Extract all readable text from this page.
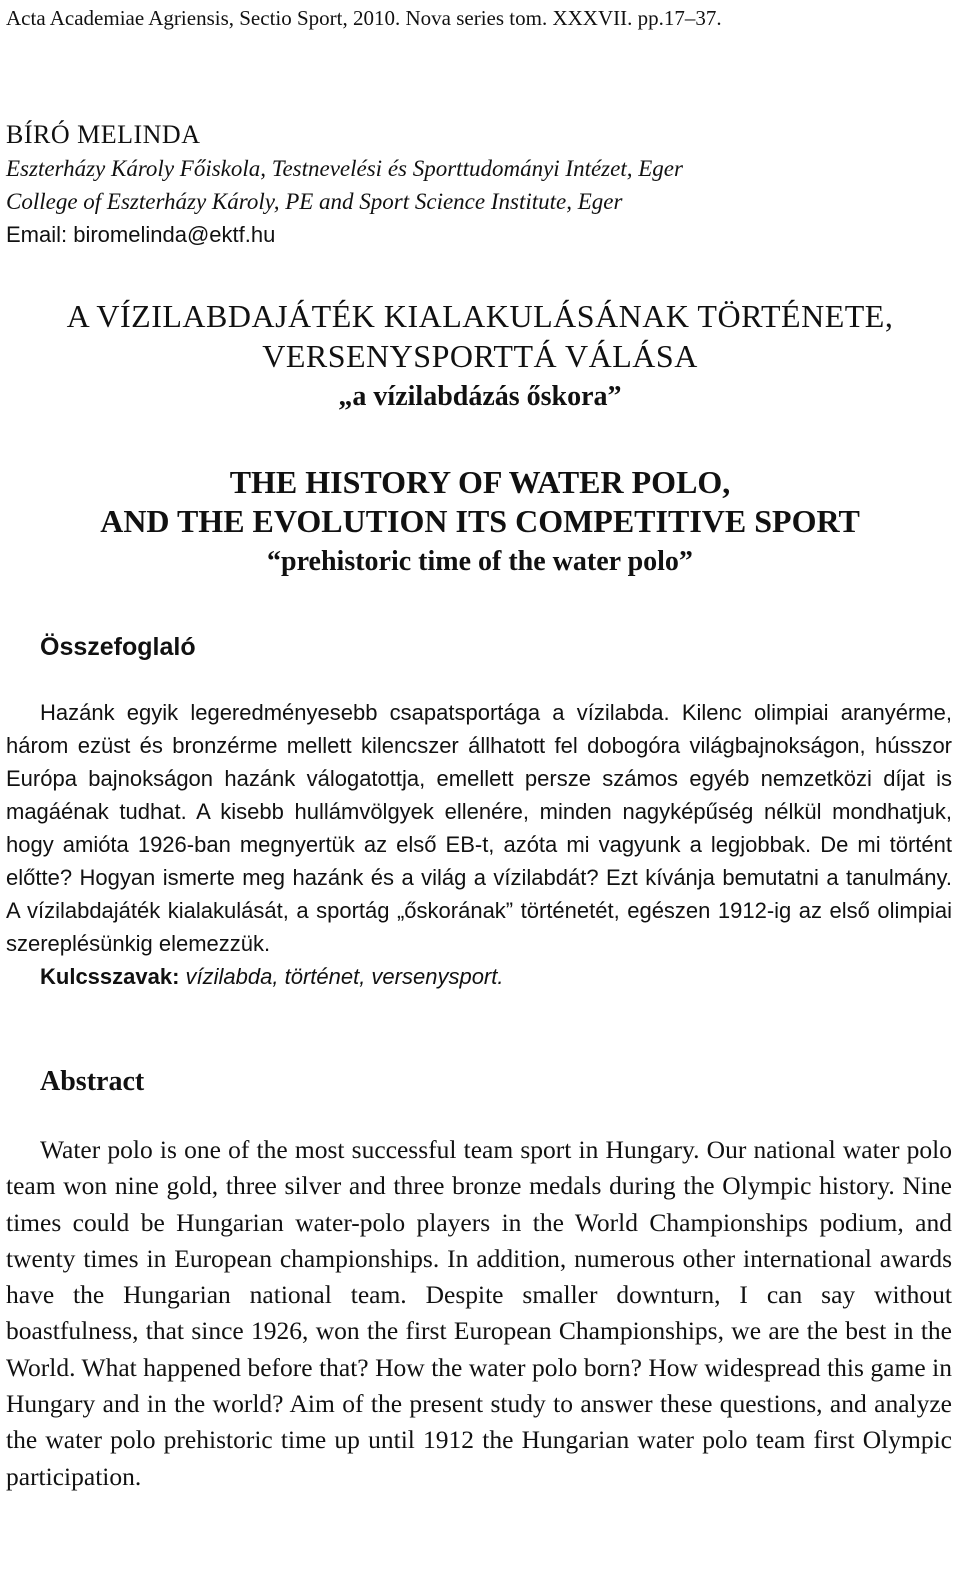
Acta Academiae Agriensis, Sectio Sport, 2010. Nova series tom. XXXVII. pp.17–37.
BÍRÓ MELINDA
Eszterházy Károly Főiskola, Testnevelési és Sporttudományi Intézet, Eger
College of Eszterházy Károly, PE and Sport Science Institute, Eger
Email: biromelinda@ektf.hu
A VÍZILABDAJÁTÉK KIALAKULÁSÁNAK TÖRTÉNETE,
VERSENYSPORTTÁ VÁLÁSA
„a vízilabdázás őskora”
THE HISTORY OF WATER POLO,
AND THE EVOLUTION ITS COMPETITIVE SPORT
“prehistoric time of the water polo”
Összefoglaló
Hazánk egyik legeredményesebb csapatsportága a vízilabda. Kilenc olimpiai aranyérme, három ezüst és bronzérme mellett kilencszer állhatott fel dobogóra világbajnokságon, hússzor Európa bajnokságon hazánk válogatottja, emellett persze számos egyéb nemzetközi díjat is magáénak tudhat. A kisebb hullámvölgyek ellenére, minden nagyképűség nélkül mondhatjuk, hogy amióta 1926-ban megnyertük az első EB-t, azóta mi vagyunk a legjobbak. De mi történt előtte? Hogyan ismerte meg hazánk és a világ a vízilabdát? Ezt kívánja bemutatni a tanulmány. A vízilabdajáték kialakulását, a sportág „őskorának” történetét, egészen 1912-ig az első olimpiai szereplésünkig elemezzük.
Kulcsszavak: vízilabda, történet, versenysport.
Abstract
Water polo is one of the most successful team sport in Hungary. Our national water polo team won nine gold, three silver and three bronze medals during the Olympic history. Nine times could be Hungarian water-polo players in the World Championships podium, and twenty times in European championships. In addition, numerous other international awards have the Hungarian national team. Despite smaller downturn, I can say without boastfulness, that since 1926, won the first European Championships, we are the best in the World. What happened before that? How the water polo born? How widespread this game in Hungary and in the world? Aim of the present study to answer these questions, and analyze the water polo prehistoric time up until 1912 the Hungarian water polo team first Olympic participation.
